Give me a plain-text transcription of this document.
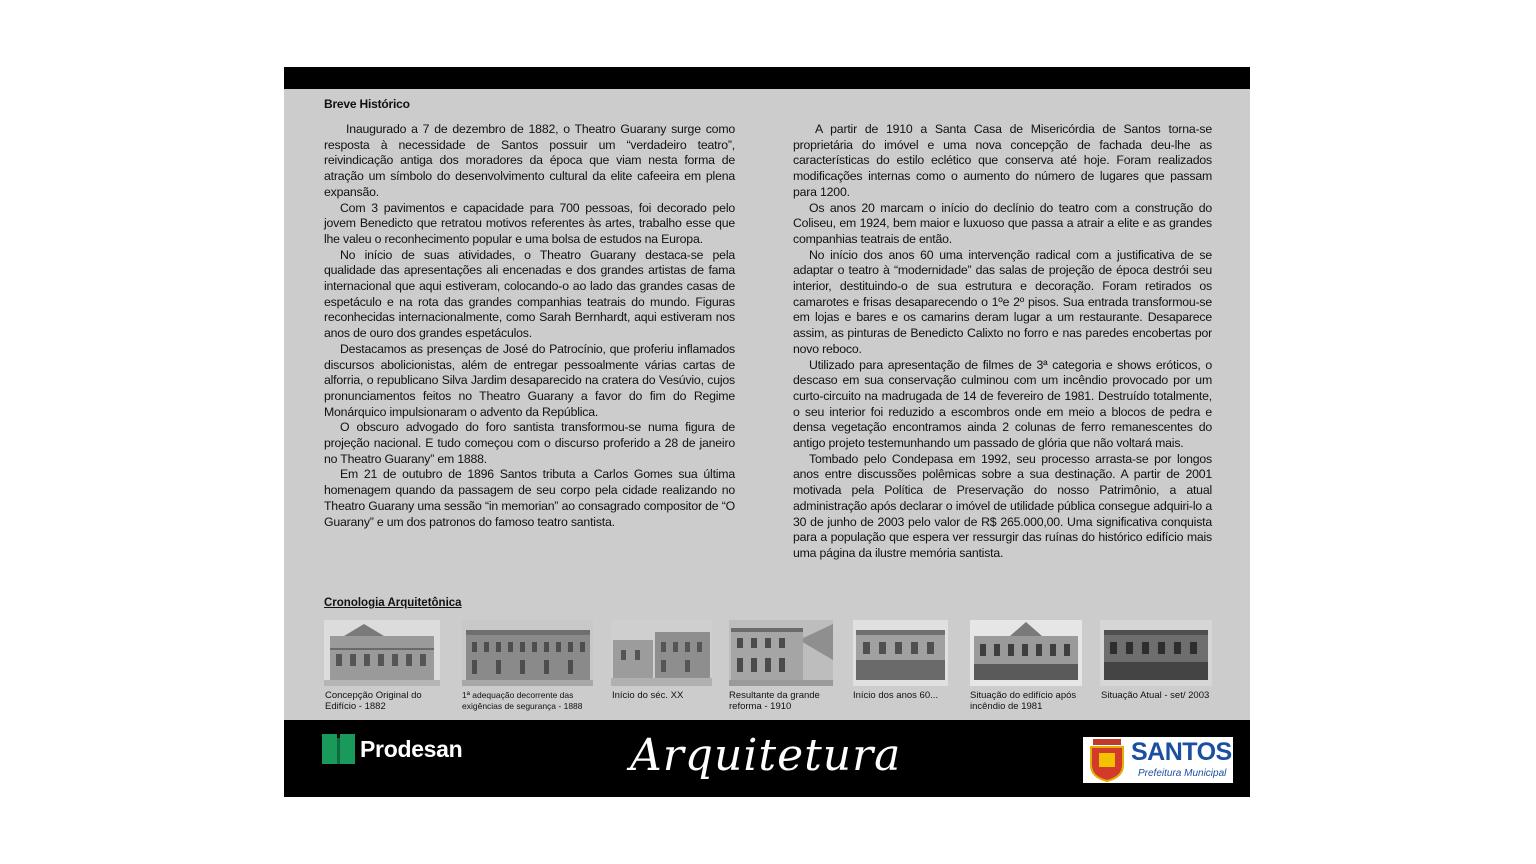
Breve Histórico

Inaugurado a 7 de dezembro de 1882, o Theatro Guarany surge como resposta à necessidade de Santos possuir um “verdadeiro teatro”, reivindicação antiga dos moradores da época que viam nesta forma de atração um símbolo do desenvolvimento cultural da elite cafeeira em plena expansão.

Com 3 pavimentos e capacidade para 700 pessoas, foi decorado pelo jovem Benedicto que retratou motivos referentes às artes, trabalho esse que lhe valeu o reconhecimento popular e uma bolsa de estudos na Europa.

No início de suas atividades, o Theatro Guarany destaca-se pela qualidade das apresentações ali encenadas e dos grandes artistas de fama internacional que aqui estiveram, colocando-o ao lado das grandes casas de espetáculo e na rota das grandes companhias teatrais do mundo. Figuras reconhecidas internacionalmente, como Sarah Bernhardt, aqui estiveram nos anos de ouro dos grandes espetáculos.

Destacamos as presenças de José do Patrocínio, que proferiu inflamados discursos abolicionistas, além de entregar pessoalmente várias cartas de alforria, o republicano Silva Jardim desaparecido na cratera do Vesúvio, cujos pronunciamentos feitos no Theatro Guarany a favor do fim do Regime Monárquico impulsionaram o advento da República.

O obscuro advogado do foro santista transformou-se numa figura de projeção nacional. E tudo começou com o discurso proferido a 28 de janeiro no Theatro Guarany” em 1888.

Em 21 de outubro de 1896 Santos tributa a Carlos Gomes sua última homenagem quando da passagem de seu corpo pela cidade realizando no Theatro Guarany uma sessão “in memorian” ao consagrado compositor de “O Guarany” e um dos patronos do famoso teatro santista.

A partir de 1910 a Santa Casa de Misericórdia de Santos torna-se proprietária do imóvel e uma nova concepção de fachada deu-lhe as características do estilo eclético que conserva até hoje. Foram realizados modificações internas como o aumento do número de lugares que passam para 1200.

Os anos 20 marcam o início do declínio do teatro com a construção do Coliseu, em 1924, bem maior e luxuoso que passa a atrair a elite e as grandes companhias teatrais de então.

No início dos anos 60 uma intervenção radical com a justificativa de se adaptar o teatro à “modernidade” das salas de projeção de época destrói seu interior, destituindo-o de sua estrutura e decoração. Foram retirados os camarotes e frisas desaparecendo o 1ºe 2º pisos. Sua entrada transformou-se em lojas e bares e os camarins deram lugar a um restaurante. Desaparece assim, as pinturas de Benedicto Calixto no forro e nas paredes encobertas por novo reboco.

Utilizado para apresentação de filmes de 3ª categoria e shows eróticos, o descaso em sua conservação culminou com um incêndio provocado por um curto-circuito na madrugada de 14 de fevereiro de 1981. Destruído totalmente, o seu interior foi reduzido a escombros onde em meio a blocos de pedra e densa vegetação encontramos ainda 2 colunas de ferro remanescentes do antigo projeto testemunhando um passado de glória que não voltará mais.

Tombado pelo Condepasa em 1992, seu processo arrasta-se por longos anos entre discussões polêmicas sobre a sua destinação. A partir de 2001 motivada pela Política de Preservação do nosso Patrimônio, a atual administração após declarar o imóvel de utilidade pública consegue adquiri-lo a 30 de junho de 2003 pelo valor de R$ 265.000,00. Uma significativa conquista para a população que espera ver ressurgir das ruínas do histórico edifício mais uma página da ilustre memória santista.

Cronologia Arquitetônica
Concepção Original do Edifício - 1882
1ª adequação decorrente das exigências de segurança - 1888
Início do séc. XX	Resultante da grande reforma - 1910
Início dos anos 60...	Situação do edifício após incêndio de 1981
Situação Atual - set/ 2003
Prodesan	Arquitetura	SANTOS
Prefeitura Municipal
